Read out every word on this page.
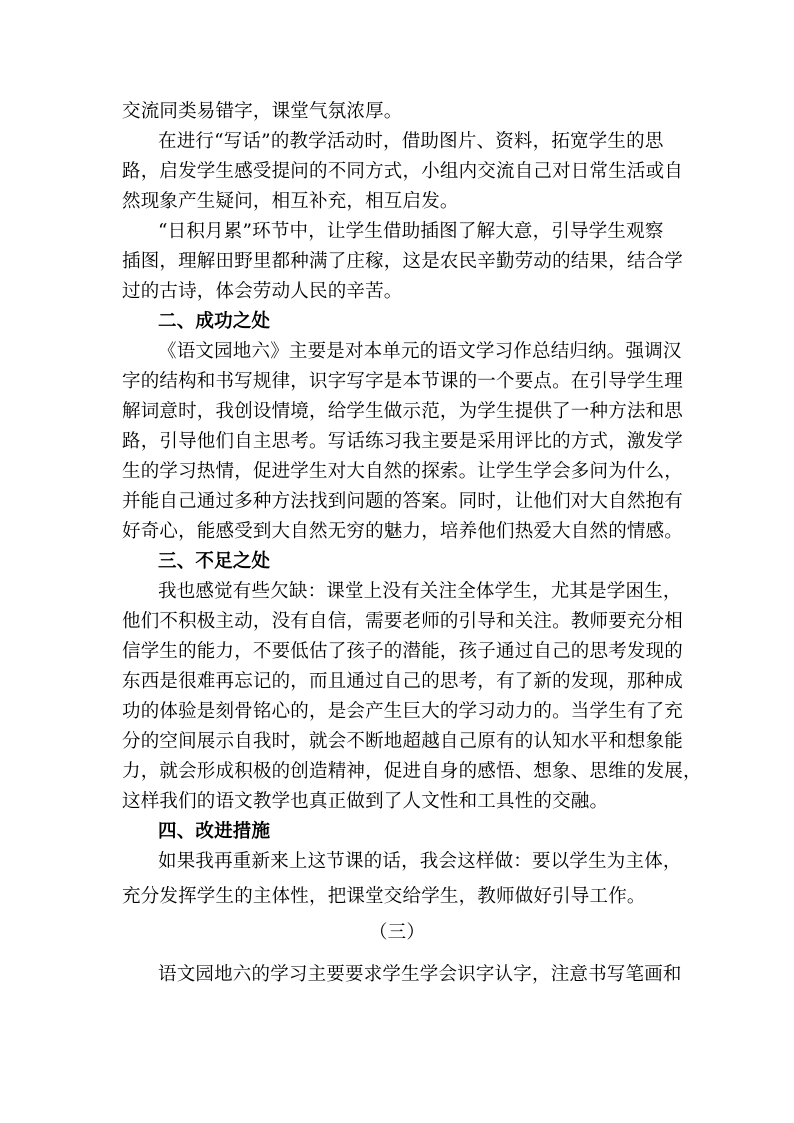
交流同类易错字，课堂气氛浓厚。
在进行“写话”的教学活动时，借助图片、资料，拓宽学生的思
路，启发学生感受提问的不同方式，小组内交流自己对日常生活或自
然现象产生疑问，相互补充，相互启发。
“日积月累”环节中，让学生借助插图了解大意，引导学生观察
插图，理解田野里都种满了庄稼，这是农民辛勤劳动的结果，结合学
过的古诗，体会劳动人民的辛苦。
二、成功之处
《语文园地六》主要是对本单元的语文学习作总结归纳。强调汉
字的结构和书写规律，识字写字是本节课的一个要点。在引导学生理
解词意时，我创设情境，给学生做示范，为学生提供了一种方法和思
路，引导他们自主思考。写话练习我主要是采用评比的方式，激发学
生的学习热情，促进学生对大自然的探索。让学生学会多问为什么，
并能自己通过多种方法找到问题的答案。同时，让他们对大自然抱有
好奇心，能感受到大自然无穷的魅力，培养他们热爱大自然的情感。
三、不足之处
我也感觉有些欠缺：课堂上没有关注全体学生，尤其是学困生，
他们不积极主动，没有自信，需要老师的引导和关注。教师要充分相
信学生的能力，不要低估了孩子的潜能，孩子通过自己的思考发现的
东西是很难再忘记的，而且通过自己的思考，有了新的发现，那种成
功的体验是刻骨铭心的，是会产生巨大的学习动力的。当学生有了充
分的空间展示自我时，就会不断地超越自己原有的认知水平和想象能
力，就会形成积极的创造精神，促进自身的感悟、想象、思维的发展，
这样我们的语文教学也真正做到了人文性和工具性的交融。
四、改进措施
如果我再重新来上这节课的话，我会这样做：要以学生为主体，
充分发挥学生的主体性，把课堂交给学生，教师做好引导工作。
（三）
语文园地六的学习主要要求学生学会识字认字，注意书写笔画和
